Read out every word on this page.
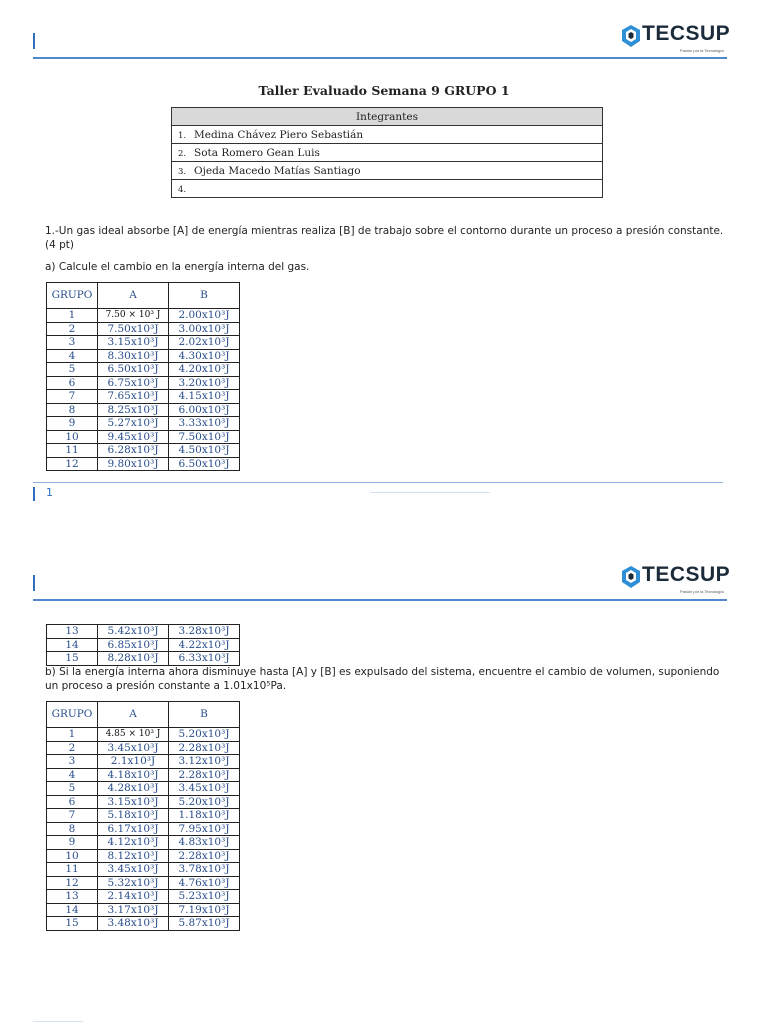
TECSUP
Pasión por la Tecnología
Taller Evaluado Semana 9 GRUPO 1
Integrantes
1. Medina Chávez Piero Sebastián
2. Sota Romero Gean Luis
3. Ojeda Macedo Matías Santiago
4.
1.-Un gas ideal absorbe [A] de energía mientras realiza [B] de trabajo sobre el contorno durante un proceso a presión constante. (4 pt)
a) Calcule el cambio en la energía interna del gas.
GRUPO	A	B
1	7.50 × 10³ J	2.00x10³J
2	7.50x10³J	3.00x10³J
3	3.15x10³J	2.02x10³J
4	8.30x10³J	4.30x10³J
5	6.50x10³J	4.20x10³J
6	6.75x10³J	3.20x10³J
7	7.65x10³J	4.15x10³J
8	8.25x10³J	6.00x10³J
9	5.27x10³J	3.33x10³J
10	9.45x10³J	7.50x10³J
11	6.28x10³J	4.50x10³J
12	9.80x10³J	6.50x10³J
1
TECSUP
Pasión por la Tecnología
13	5.42x10³J	3.28x10³J
14	6.85x10³J	4.22x10³J
15	8.28x10³J	6.33x10³J
b) Si la energía interna ahora disminuye hasta [A] y [B] es expulsado del sistema, encuentre el cambio de volumen, suponiendo un proceso a presión constante a 1.01x10⁵Pa.
GRUPO	A	B
1	4.85 × 10³ J	5.20x10³J
2	3.45x10³J	2.28x10³J
3	2.1x10³J	3.12x10³J
4	4.18x10³J	2.28x10³J
5	4.28x10³J	3.45x10³J
6	3.15x10³J	5.20x10³J
7	5.18x10³J	1.18x10³J
8	6.17x10³J	7.95x10³J
9	4.12x10³J	4.83x10³J
10	8.12x10³J	2.28x10³J
11	3.45x10³J	3.78x10³J
12	5.32x10³J	4.76x10³J
13	2.14x10³J	5.23x10³J
14	3.17x10³J	7.19x10³J
15	3.48x10³J	5.87x10³J
